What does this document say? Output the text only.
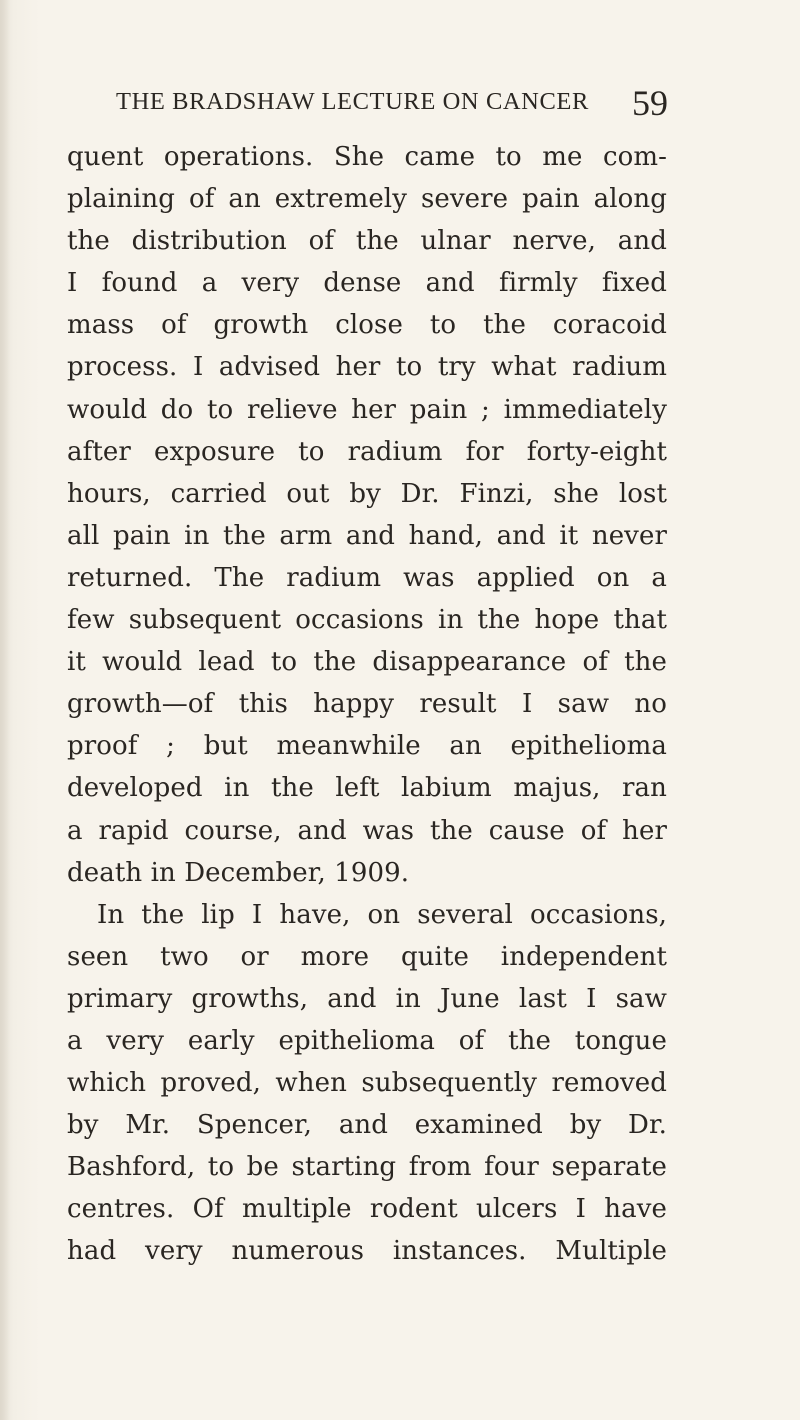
THE BRADSHAW LECTURE ON CANCER 59
quent operations. She came to me com-
plaining of an extremely severe pain along
the distribution of the ulnar nerve, and
I found a very dense and firmly fixed
mass of growth close to the coracoid
process. I advised her to try what radium
would do to relieve her pain ; immediately
after exposure to radium for forty-eight
hours, carried out by Dr. Finzi, she lost
all pain in the arm and hand, and it never
returned. The radium was applied on a
few subsequent occasions in the hope that
it would lead to the disappearance of the
growth—of this happy result I saw no
proof ; but meanwhile an epithelioma
developed in the left labium majus, ran
a rapid course, and was the cause of her
death in December, 1909.
In the lip I have, on several occasions,
seen two or more quite independent
primary growths, and in June last I saw
a very early epithelioma of the tongue
which proved, when subsequently removed
by Mr. Spencer, and examined by Dr.
Bashford, to be starting from four separate
centres. Of multiple rodent ulcers I have
had very numerous instances. Multiple
